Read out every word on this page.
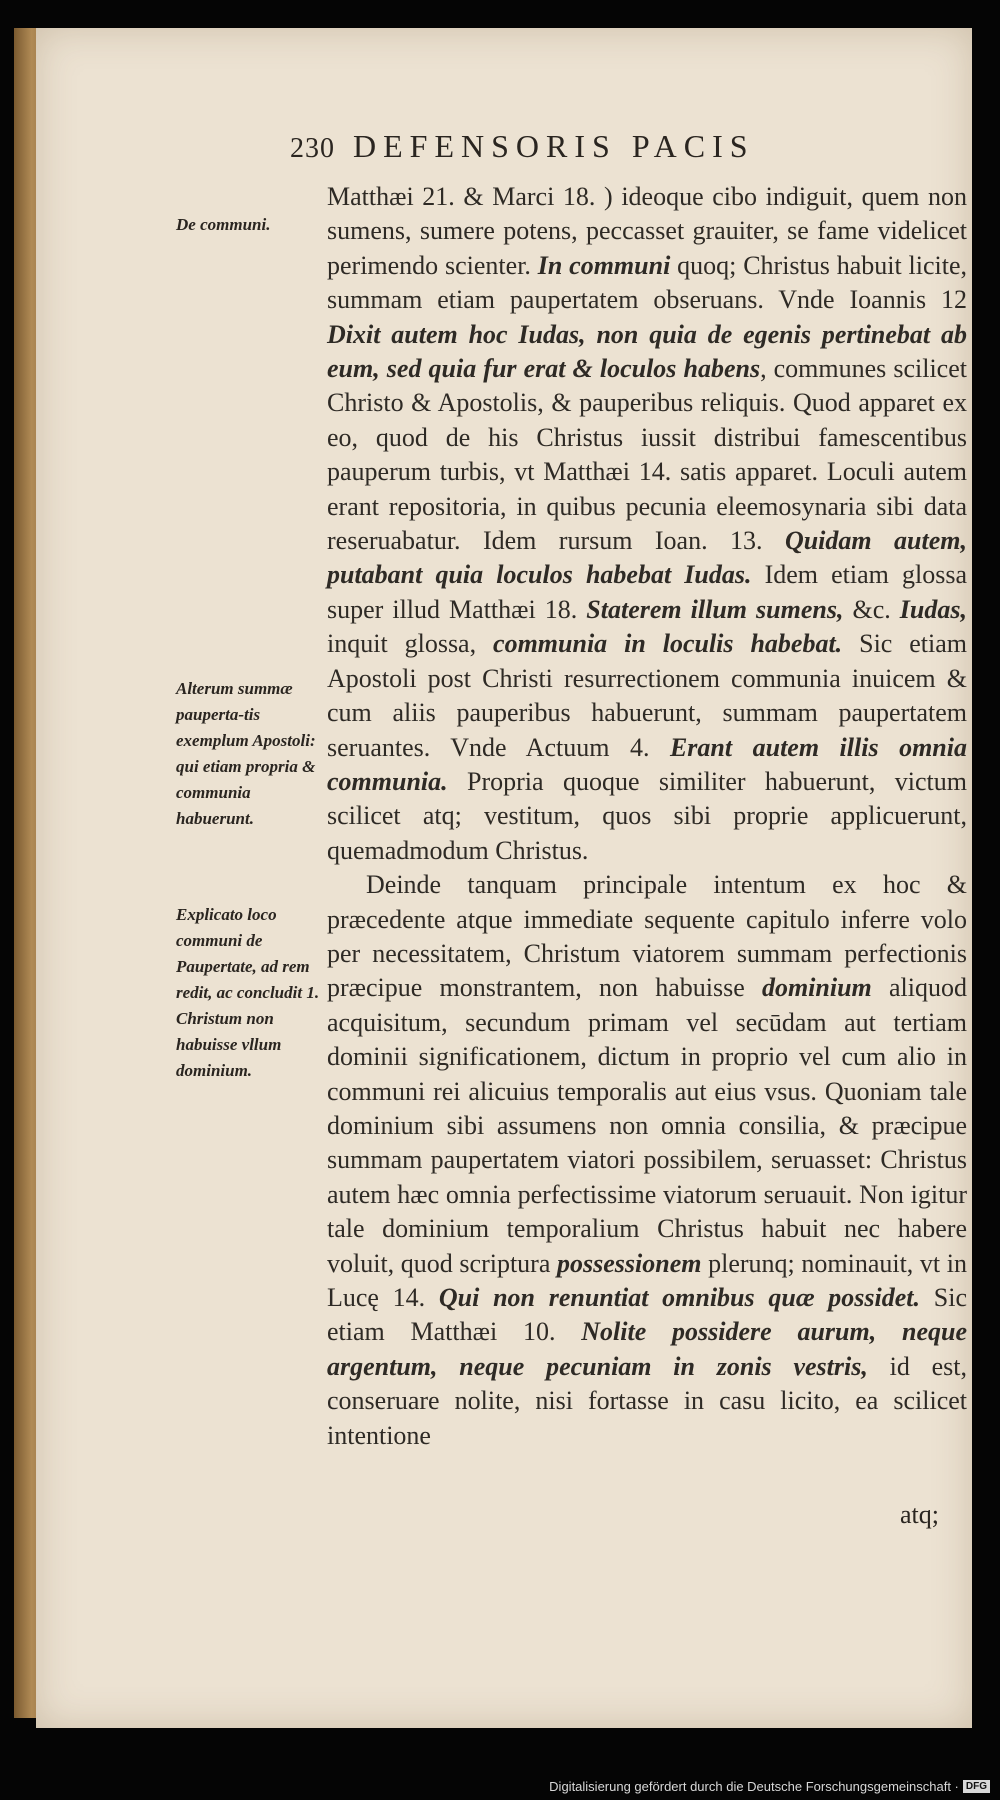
230 DEFENSORIS PACIS
De communi.
Alterum summæ pauperta-tis exemplum Apostoli: qui etiam propria & communia habuerunt.
Explicato loco communi de Paupertate, ad rem redit, ac concludit 1. Christum non habuisse vllum dominium.

Matthæi 21. & Marci 18. ) ideoque cibo indiguit, quem non sumens, sumere potens, peccasset grauiter, se fame videlicet perimendo scienter. In communi quoq; Christus habuit licite, summam etiam paupertatem obseruans. Vnde Ioannis 12 Dixit autem hoc Iudas, non quia de egenis pertinebat ab eum, sed quia fur erat & loculos habens, communes scilicet Christo & Apostolis, & pauperibus reliquis. Quod apparet ex eo, quod de his Christus iussit distribui famescentibus pauperum turbis, vt Matthæi 14. satis apparet. Loculi autem erant repositoria, in quibus pecunia eleemosynaria sibi data reseruabatur. Idem rursum Ioan. 13. Quidam autem, putabant quia loculos habebat Iudas. Idem etiam glossa super illud Matthæi 18. Staterem illum sumens, &c. Iudas, inquit glossa, communia in loculis habebat. Sic etiam Apostoli post Christi resurrectionem communia inuicem & cum aliis pauperibus habuerunt, summam paupertatem seruantes. Vnde Actuum 4. Erant autem illis omnia communia. Propria quoque similiter habuerunt, victum scilicet atq; vestitum, quos sibi proprie applicuerunt, quemadmodum Christus.

Deinde tanquam principale intentum ex hoc & præcedente atque immediate sequente capitulo inferre volo per necessitatem, Christum viatorem summam perfectionis præcipue monstrantem, non habuisse dominium aliquod acquisitum, secundum primam vel secūdam aut tertiam dominii significationem, dictum in proprio vel cum alio in communi rei alicuius temporalis aut eius vsus. Quoniam tale dominium sibi assumens non omnia consilia, & præcipue summam paupertatem viatori possibilem, seruasset: Christus autem hæc omnia perfectissime viatorum seruauit. Non igitur tale dominium temporalium Christus habuit nec habere voluit, quod scriptura possessionem plerunq; nominauit, vt in Lucę 14. Qui non renuntiat omnibus quæ possidet. Sic etiam Matthæi 10. Nolite possidere aurum, neque argentum, neque pecuniam in zonis vestris, id est, conseruare nolite, nisi fortasse in casu licito, ea scilicet intentione

atq;
Digitalisierung gefördert durch die Deutsche Forschungsgemeinschaft · DFG
